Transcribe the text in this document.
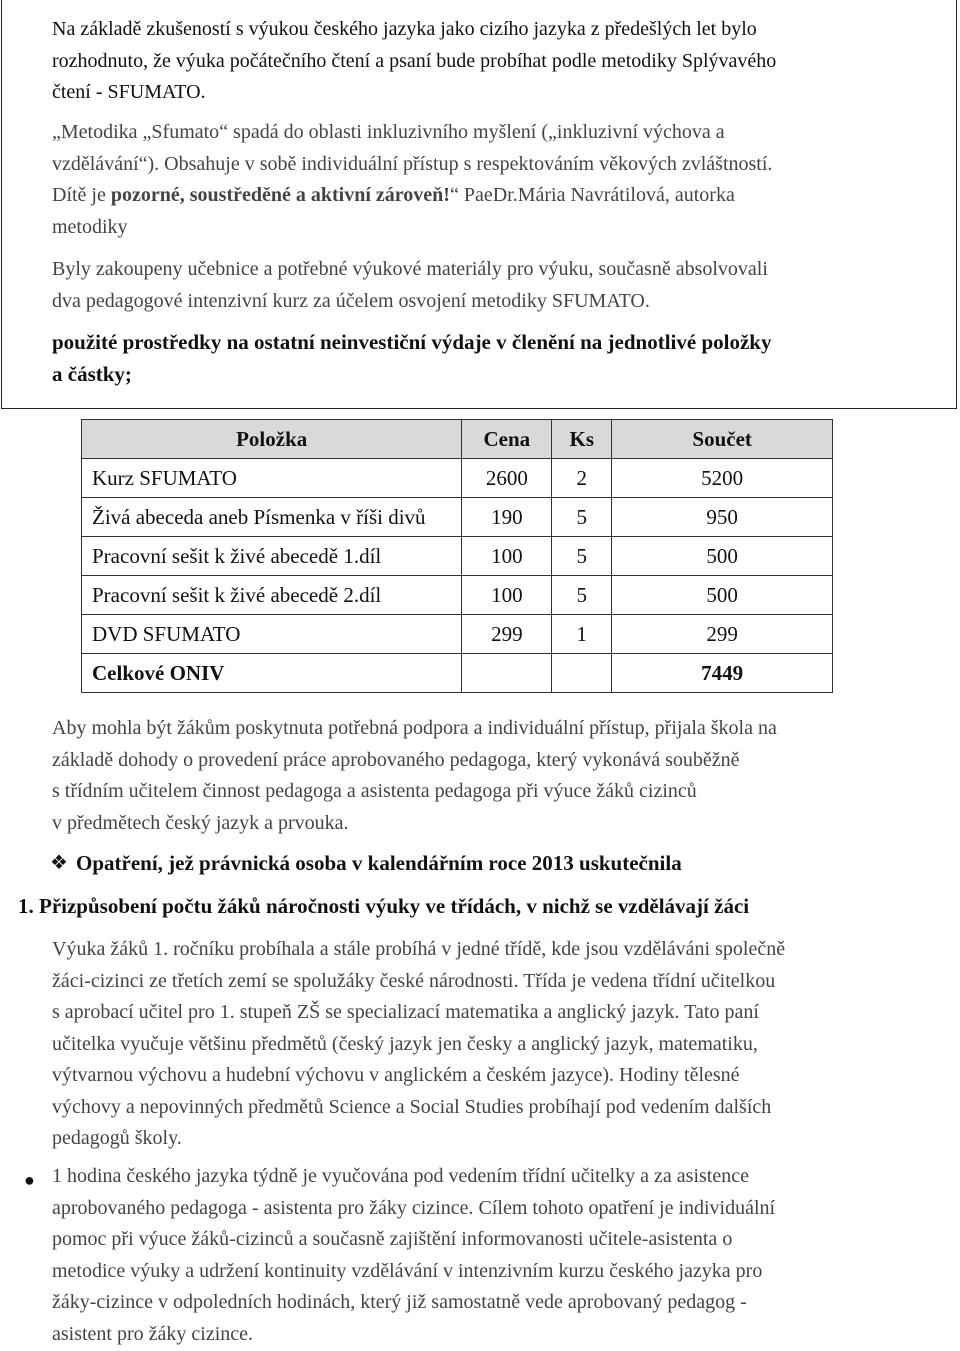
Na základě zkušeností s výukou českého jazyka jako cizího jazyka z předešlých let bylo
rozhodnuto, že výuka počátečního čtení a psaní bude probíhat podle metodiky Splývavého
čtení - SFUMATO.
„Metodika „Sfumato“ spadá do oblasti inkluzivního myšlení („inkluzivní výchova a
vzdělávání“). Obsahuje v sobě individuální přístup s respektováním věkových zvláštností.
Dítě je pozorné, soustředěné a aktivní zároveň!“ PaeDr.Mária Navrátilová, autorka
metodiky
Byly zakoupeny učebnice a potřebné výukové materiály pro výuku, současně absolvovali
dva pedagogové intenzivní kurz za účelem osvojení metodiky SFUMATO.
použité prostředky na ostatní neinvestiční výdaje v členění na jednotlivé položky
a částky;
Položka	Cena	Ks	Součet
Kurz SFUMATO	2600	2	5200
Živá abeceda aneb Písmenka v říši divů	190	5	950
Pracovní sešit k živé abecedě 1.díl	100	5	500
Pracovní sešit k živé abecedě 2.díl	100	5	500
DVD SFUMATO	299	1	299
Celkové ONIV			7449
Aby mohla být žákům poskytnuta potřebná podpora a individuální přístup, přijala škola na
základě dohody o provedení práce aprobovaného pedagoga, který vykonává souběžně
s třídním učitelem činnost pedagoga a asistenta pedagoga při výuce žáků cizinců
v předmětech český jazyk a prvouka.
❖ Opatření, jež právnická osoba v kalendářním roce 2013 uskutečnila
1. Přizpůsobení počtu žáků náročnosti výuky ve třídách, v nichž se vzdělávají žáci
Výuka žáků 1. ročníku probíhala a stále probíhá v jedné třídě, kde jsou vzděláváni společně
žáci-cizinci ze třetích zemí se spolužáky české národnosti. Třída je vedena třídní učitelkou
s aprobací učitel pro 1. stupeň ZŠ se specializací matematika a anglický jazyk. Tato paní
učitelka vyučuje většinu předmětů (český jazyk jen česky a anglický jazyk, matematiku,
výtvarnou výchovu a hudební výchovu v anglickém a českém jazyce). Hodiny tělesné
výchovy a nepovinných předmětů Science a Social Studies probíhají pod vedením dalších
pedagogů školy.
● 1 hodina českého jazyka týdně je vyučována pod vedením třídní učitelky a za asistence
aprobovaného pedagoga - asistenta pro žáky cizince. Cílem tohoto opatření je individuální
pomoc při výuce žáků-cizinců a současně zajištění informovanosti učitele-asistenta o
metodice výuky a udržení kontinuity vzdělávání v intenzivním kurzu českého jazyka pro
žáky-cizince v odpoledních hodinách, který již samostatně vede aprobovaný pedagog -
asistent pro žáky cizince.
